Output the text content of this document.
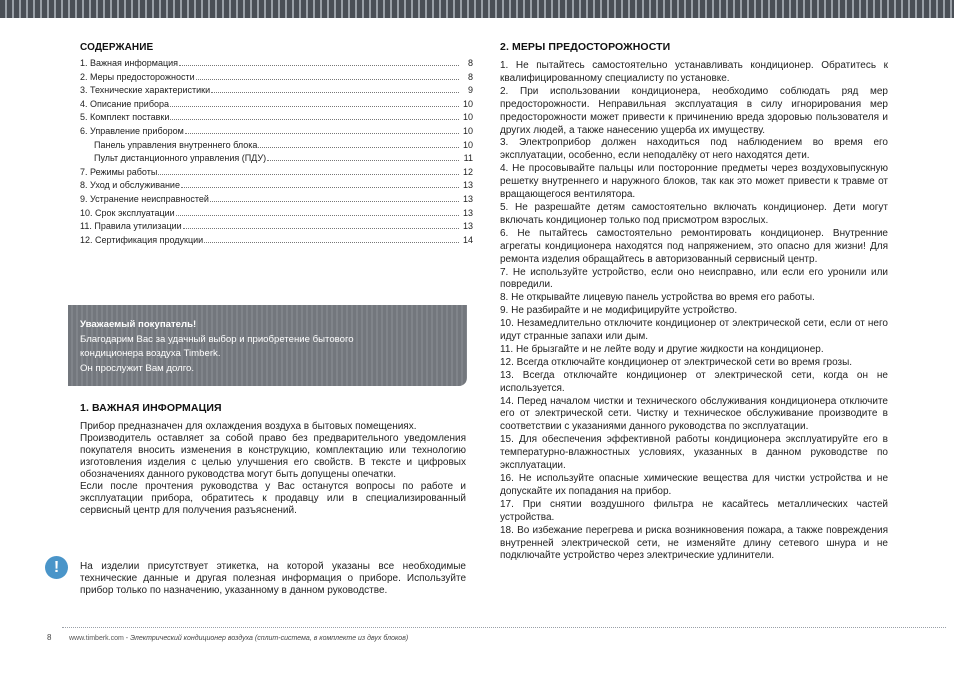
СОДЕРЖАНИЕ
1. Важная информация	8
2. Меры предосторожности	8
3. Технические характеристики	9
4. Описание прибора	10
5. Комплект поставки	10
6. Управление прибором	10
Панель управления внутреннего блока	10
Пульт дистанционного управления (ПДУ)	11
7. Режимы работы	12
8. Уход и обслуживание	13
9. Устранение неисправностей	13
10. Срок эксплуатации	13
11. Правила утилизации	13
12. Сертификация продукции	14
Уважаемый покупатель!
Благодарим Вас за удачный выбор и приобретение бытового
кондиционера воздуха Timberk.
Он прослужит Вам долго.
1. ВАЖНАЯ ИНФОРМАЦИЯ

Прибор предназначен для охлаждения воздуха в бытовых помещениях.

Производитель оставляет за собой право без предварительного уведомления покупателя вносить изменения в конструкцию, комплектацию или технологию изготовления изделия с целью улучшения его свойств. В тексте и цифровых обозначениях данного руководства могут быть допущены опечатки.

Если после прочтения руководства у Вас останутся вопросы по работе и эксплуатации прибора, обратитесь к продавцу или в специализированный сервисный центр для получения разъяснений.

!	На изделии присутствует этикетка, на которой указаны все необходимые технические данные и другая полезная информация о приборе. Используйте прибор только по назначению, указанному в данном руководстве.

2. МЕРЫ ПРЕДОСТОРОЖНОСТИ
1. Не пытайтесь самостоятельно устанавливать кондиционер. Обратитесь к квалифицированному специалисту по установке.
2. При использовании кондиционера, необходимо соблюдать ряд мер предосторожности. Неправильная эксплуатация в силу игнорирования мер предосторожности может привести к причинению вреда здоровью пользователя и других людей, а также нанесению ущерба их имуществу.
3. Электроприбор должен находиться под наблюдением во время его эксплуатации, особенно, если неподалёку от него находятся дети.
4. Не просовывайте пальцы или посторонние предметы через воздуховыпускную решетку внутреннего и наружного блоков, так как это может привести к травме от вращающегося вентилятора.
5. Не разрешайте детям самостоятельно включать кондиционер. Дети могут включать кондиционер только под присмотром взрослых.
6. Не пытайтесь самостоятельно ремонтировать кондиционер. Внутренние агрегаты кондиционера находятся под напряжением, это опасно для жизни! Для ремонта изделия обращайтесь в авторизованный сервисный центр.
7. Не используйте устройство, если оно неисправно, или если его уронили или повредили.
8. Не открывайте лицевую панель устройства во время его работы.
9. Не разбирайте и не модифицируйте устройство.
10. Незамедлительно отключите кондиционер от электрической сети, если от него идут странные запахи или дым.
11. Не брызгайте и не лейте воду и другие жидкости на кондиционер.
12. Всегда отключайте кондиционер от электрической сети во время грозы.
13. Всегда отключайте кондиционер от электрической сети, когда он не используется.
14. Перед началом чистки и технического обслуживания кондиционера отключите его от электрической сети. Чистку и техническое обслуживание производите в соответствии с указаниями данного руководства по эксплуатации.
15. Для обеспечения эффективной работы кондиционера эксплуатируйте его в температурно-влажностных условиях, указанных в данном руководстве по эксплуатации.
16. Не используйте опасные химические вещества для чистки устройства и не допускайте их попадания на прибор.
17. При снятии воздушного фильтра не касайтесь металлических частей устройства.
18. Во избежание перегрева и риска возникновения пожара, а также повреждения внутренней электрической сети, не изменяйте длину сетевого шнура и не подключайте устройство через электрические удлинители.
8	www.timberk.com - Электрический кондиционер воздуха (сплит-система, в комплекте из двух блоков)
